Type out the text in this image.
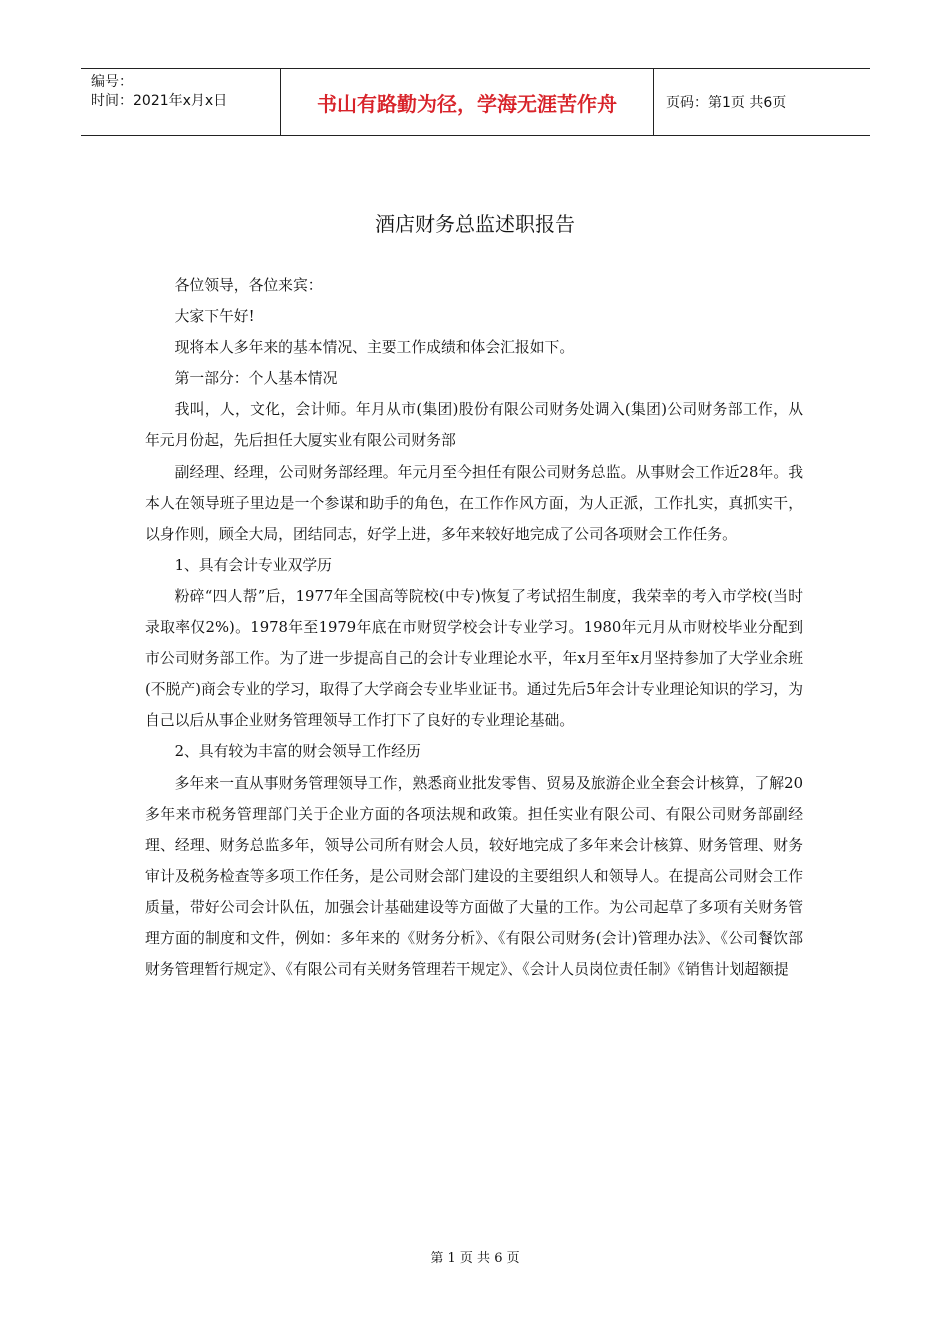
编号：
时间：2021年x月x日	书山有路勤为径，学海无涯苦作舟	页码：第1页 共6页
酒店财务总监述职报告

各位领导，各位来宾：

大家下午好!

现将本人多年来的基本情况、主要工作成绩和体会汇报如下。

第一部分：个人基本情况

我叫，人，文化，会计师。年月从市(集团)股份有限公司财务处调入(集团)公司财务部工作，从年元月份起，先后担任大厦实业有限公司财务部

副经理、经理，公司财务部经理。年元月至今担任有限公司财务总监。从事财会工作近28年。我本人在领导班子里边是一个参谋和助手的角色，在工作作风方面，为人正派，工作扎实，真抓实干，以身作则，顾全大局，团结同志，好学上进，多年来较好地完成了公司各项财会工作任务。

1、具有会计专业双学历

粉碎“四人帮”后，1977年全国高等院校(中专)恢复了考试招生制度，我荣幸的考入市学校(当时录取率仅2%)。1978年至1979年底在市财贸学校会计专业学习。1980年元月从市财校毕业分配到市公司财务部工作。为了进一步提高自己的会计专业理论水平，年x月至年x月坚持参加了大学业余班(不脱产)商会专业的学习，取得了大学商会专业毕业证书。通过先后5年会计专业理论知识的学习，为自己以后从事企业财务管理领导工作打下了良好的专业理论基础。

2、具有较为丰富的财会领导工作经历

多年来一直从事财务管理领导工作，熟悉商业批发零售、贸易及旅游企业全套会计核算，了解20多年来市税务管理部门关于企业方面的各项法规和政策。担任实业有限公司、有限公司财务部副经理、经理、财务总监多年，领导公司所有财会人员，较好地完成了多年来会计核算、财务管理、财务审计及税务检查等多项工作任务，是公司财会部门建设的主要组织人和领导人。在提高公司财会工作质量，带好公司会计队伍，加强会计基础建设等方面做了大量的工作。为公司起草了多项有关财务管理方面的制度和文件，例如：多年来的《财务分析》、《有限公司财务(会计)管理办法》、《公司餐饮部财务管理暂行规定》、《有限公司有关财务管理若干规定》、《会计人员岗位责任制》《销售计划超额提

第 1 页 共 6 页
